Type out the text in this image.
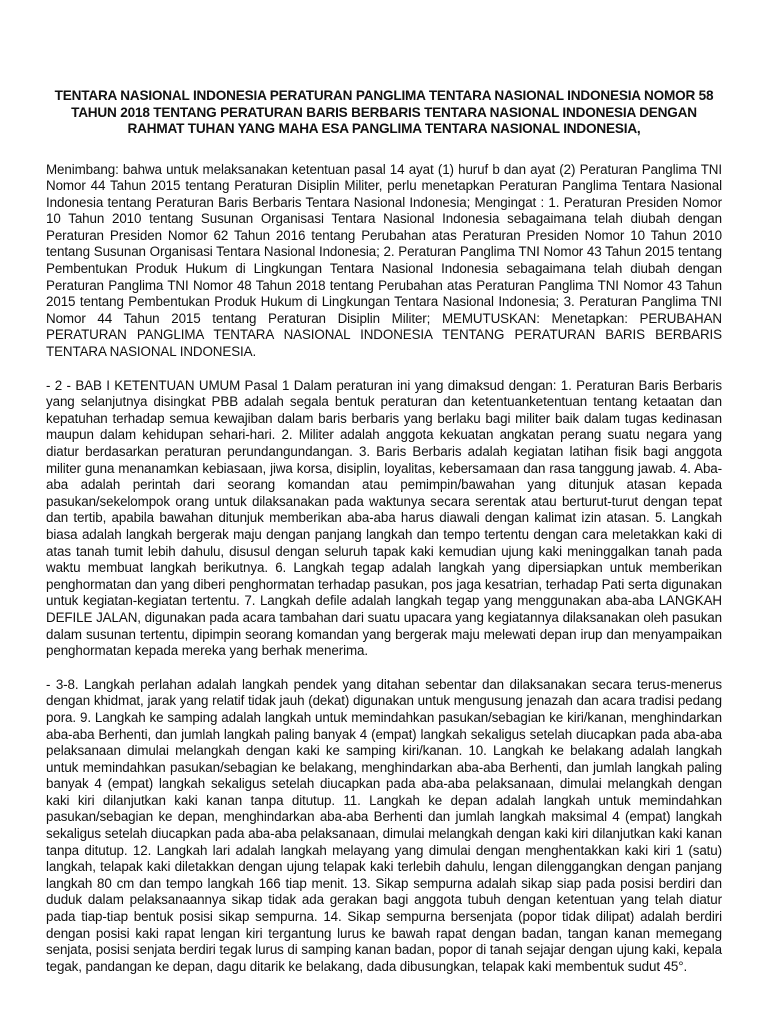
TENTARA NASIONAL INDONESIA PERATURAN PANGLIMA TENTARA NASIONAL INDONESIA NOMOR 58 TAHUN 2018 TENTANG PERATURAN BARIS BERBARIS TENTARA NASIONAL INDONESIA DENGAN RAHMAT TUHAN YANG MAHA ESA PANGLIMA TENTARA NASIONAL INDONESIA,

Menimbang: bahwa untuk melaksanakan ketentuan pasal 14 ayat (1) huruf b dan ayat (2) Peraturan Panglima TNI Nomor 44 Tahun 2015 tentang Peraturan Disiplin Militer, perlu menetapkan Peraturan Panglima Tentara Nasional Indonesia tentang Peraturan Baris Berbaris Tentara Nasional Indonesia; Mengingat : 1. Peraturan Presiden Nomor 10 Tahun 2010 tentang Susunan Organisasi Tentara Nasional Indonesia sebagaimana telah diubah dengan Peraturan Presiden Nomor 62 Tahun 2016 tentang Perubahan atas Peraturan Presiden Nomor 10 Tahun 2010 tentang Susunan Organisasi Tentara Nasional Indonesia; 2. Peraturan Panglima TNI Nomor 43 Tahun 2015 tentang Pembentukan Produk Hukum di Lingkungan Tentara Nasional Indonesia sebagaimana telah diubah dengan Peraturan Panglima TNI Nomor 48 Tahun 2018 tentang Perubahan atas Peraturan Panglima TNI Nomor 43 Tahun 2015 tentang Pembentukan Produk Hukum di Lingkungan Tentara Nasional Indonesia; 3. Peraturan Panglima TNI Nomor 44 Tahun 2015 tentang Peraturan Disiplin Militer; MEMUTUSKAN: Menetapkan: PERUBAHAN PERATURAN PANGLIMA TENTARA NASIONAL INDONESIA TENTANG PERATURAN BARIS BERBARIS TENTARA NASIONAL INDONESIA.

- 2 - BAB I KETENTUAN UMUM Pasal 1 Dalam peraturan ini yang dimaksud dengan: 1. Peraturan Baris Berbaris yang selanjutnya disingkat PBB adalah segala bentuk peraturan dan ketentuanketentuan tentang ketaatan dan kepatuhan terhadap semua kewajiban dalam baris berbaris yang berlaku bagi militer baik dalam tugas kedinasan maupun dalam kehidupan sehari-hari. 2. Militer adalah anggota kekuatan angkatan perang suatu negara yang diatur berdasarkan peraturan perundangundangan. 3. Baris Berbaris adalah kegiatan latihan fisik bagi anggota militer guna menanamkan kebiasaan, jiwa korsa, disiplin, loyalitas, kebersamaan dan rasa tanggung jawab. 4. Aba-aba adalah perintah dari seorang komandan atau pemimpin/bawahan yang ditunjuk atasan kepada pasukan/sekelompok orang untuk dilaksanakan pada waktunya secara serentak atau berturut-turut dengan tepat dan tertib, apabila bawahan ditunjuk memberikan aba-aba harus diawali dengan kalimat izin atasan. 5. Langkah biasa adalah langkah bergerak maju dengan panjang langkah dan tempo tertentu dengan cara meletakkan kaki di atas tanah tumit lebih dahulu, disusul dengan seluruh tapak kaki kemudian ujung kaki meninggalkan tanah pada waktu membuat langkah berikutnya. 6. Langkah tegap adalah langkah yang dipersiapkan untuk memberikan penghormatan dan yang diberi penghormatan terhadap pasukan, pos jaga kesatrian, terhadap Pati serta digunakan untuk kegiatan-kegiatan tertentu. 7. Langkah defile adalah langkah tegap yang menggunakan aba-aba LANGKAH DEFILE JALAN, digunakan pada acara tambahan dari suatu upacara yang kegiatannya dilaksanakan oleh pasukan dalam susunan tertentu, dipimpin seorang komandan yang bergerak maju melewati depan irup dan menyampaikan penghormatan kepada mereka yang berhak menerima.

- 3-8. Langkah perlahan adalah langkah pendek yang ditahan sebentar dan dilaksanakan secara terus-menerus dengan khidmat, jarak yang relatif tidak jauh (dekat) digunakan untuk mengusung jenazah dan acara tradisi pedang pora. 9. Langkah ke samping adalah langkah untuk memindahkan pasukan/sebagian ke kiri/kanan, menghindarkan aba-aba Berhenti, dan jumlah langkah paling banyak 4 (empat) langkah sekaligus setelah diucapkan pada aba-aba pelaksanaan dimulai melangkah dengan kaki ke samping kiri/kanan. 10. Langkah ke belakang adalah langkah untuk memindahkan pasukan/sebagian ke belakang, menghindarkan aba-aba Berhenti, dan jumlah langkah paling banyak 4 (empat) langkah sekaligus setelah diucapkan pada aba-aba pelaksanaan, dimulai melangkah dengan kaki kiri dilanjutkan kaki kanan tanpa ditutup. 11. Langkah ke depan adalah langkah untuk memindahkan pasukan/sebagian ke depan, menghindarkan aba-aba Berhenti dan jumlah langkah maksimal 4 (empat) langkah sekaligus setelah diucapkan pada aba-aba pelaksanaan, dimulai melangkah dengan kaki kiri dilanjutkan kaki kanan tanpa ditutup. 12. Langkah lari adalah langkah melayang yang dimulai dengan menghentakkan kaki kiri 1 (satu) langkah, telapak kaki diletakkan dengan ujung telapak kaki terlebih dahulu, lengan dilenggangkan dengan panjang langkah 80 cm dan tempo langkah 166 tiap menit. 13. Sikap sempurna adalah sikap siap pada posisi berdiri dan duduk dalam pelaksanaannya sikap tidak ada gerakan bagi anggota tubuh dengan ketentuan yang telah diatur pada tiap-tiap bentuk posisi sikap sempurna. 14. Sikap sempurna bersenjata (popor tidak dilipat) adalah berdiri dengan posisi kaki rapat lengan kiri tergantung lurus ke bawah rapat dengan badan, tangan kanan memegang senjata, posisi senjata berdiri tegak lurus di samping kanan badan, popor di tanah sejajar dengan ujung kaki, kepala tegak, pandangan ke depan, dagu ditarik ke belakang, dada dibusungkan, telapak kaki membentuk sudut 45°.
